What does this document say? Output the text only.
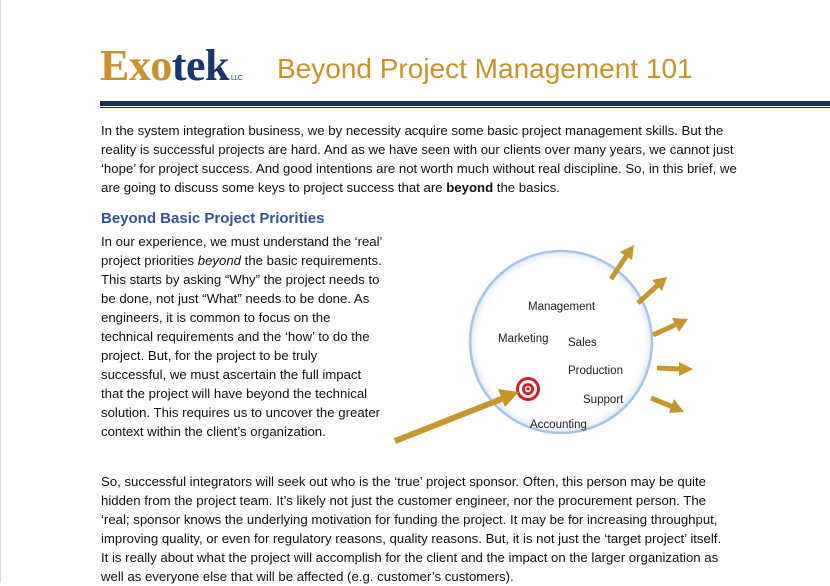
Exotek LLC Beyond Project Management 101

In the system integration business, we by necessity acquire some basic project management skills. But the reality is successful projects are hard. And as we have seen with our clients over many years, we cannot just ‘hope’ for project success. And good intentions are not worth much without real discipline. So, in this brief, we are going to discuss some keys to project success that are beyond the basics.

Beyond Basic Project Priorities

In our experience, we must understand the ‘real’ project priorities beyond the basic requirements. This starts by asking “Why” the project needs to be done, not just “What” needs to be done. As engineers, it is common to focus on the technical requirements and the ‘how’ to do the project. But, for the project to be truly successful, we must ascertain the full impact that the project will have beyond the technical solution. This requires us to uncover the greater context within the client’s organization.

Management
Marketing Sales
Production
Support
Accounting

So, successful integrators will seek out who is the ‘true’ project sponsor. Often, this person may be quite hidden from the project team. It’s likely not just the customer engineer, nor the procurement person. The ‘real; sponsor knows the underlying motivation for funding the project. It may be for increasing throughput, improving quality, or even for regulatory reasons, quality reasons. But, it is not just the ‘target project’ itself. It is really about what the project will accomplish for the client and the impact on the larger organization as well as everyone else that will be affected (e.g. customer’s customers).
